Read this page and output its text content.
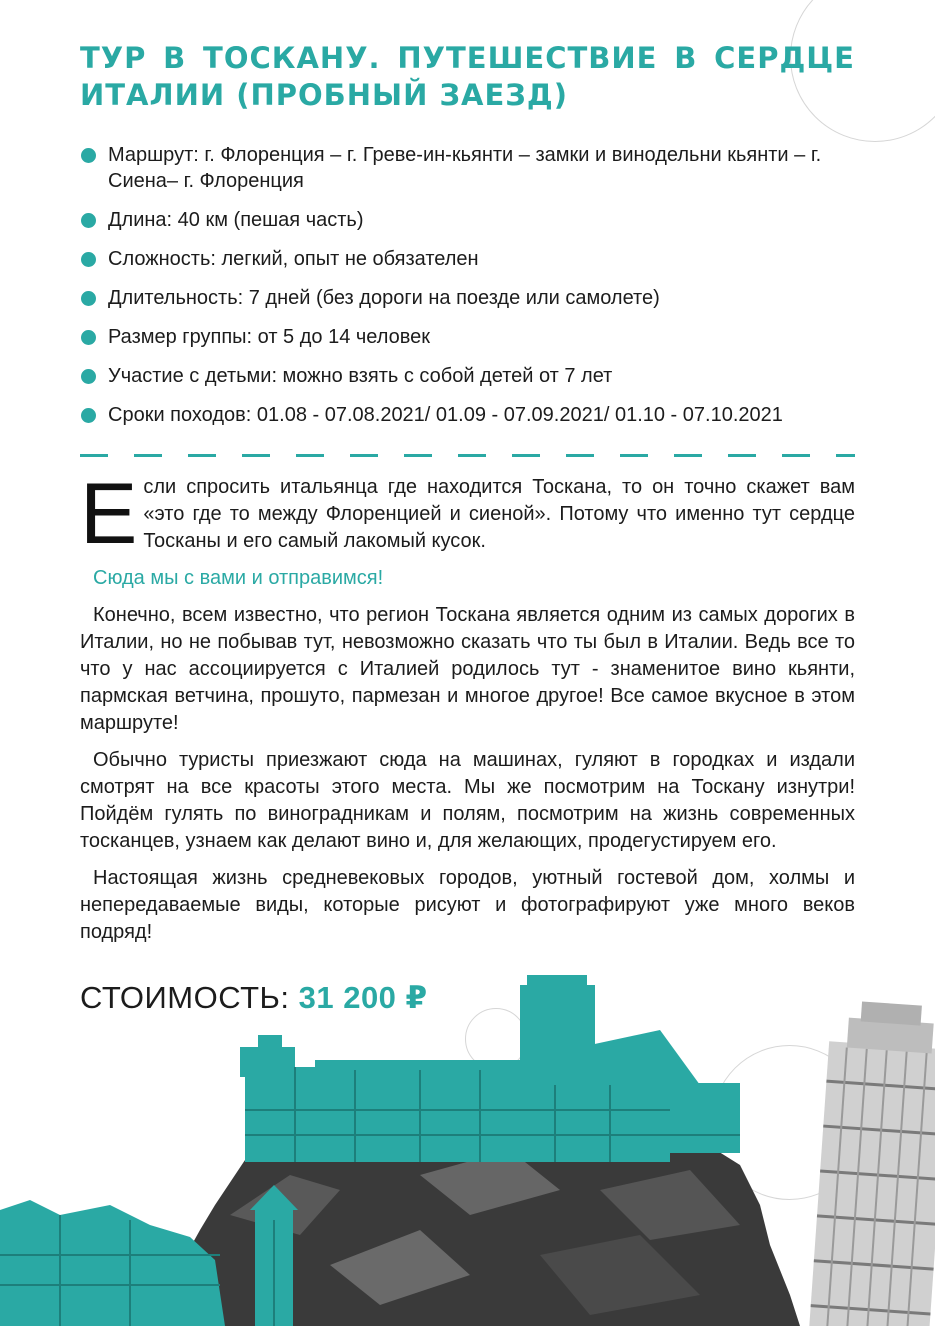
ТУР В ТОСКАНУ. ПУТЕШЕСТВИЕ В СЕРДЦЕ ИТАЛИИ (ПРОБНЫЙ ЗАЕЗД)
Маршрут: г. Флоренция – г. Греве-ин-кьянти – замки и винодельни кьянти – г. Сиена– г. Флоренция
Длина: 40 км (пешая часть)
Сложность: легкий, опыт не обязателен
Длительность: 7 дней (без дороги на поезде или самолете)
Размер группы: от 5 до 14 человек
Участие с детьми: можно взять с собой детей от 7 лет
Сроки походов: 01.08 - 07.08.2021/ 01.09 - 07.09.2021/ 01.10 - 07.10.2021

Если спросить итальянца где находится Тоскана, то он точно скажет вам «это где то между Флоренцией и сиеной». Потому что именно тут сердце Тосканы и его самый лакомый кусок.

Сюда мы с вами и отправимся!

Конечно, всем известно, что регион Тоскана является одним из самых дорогих в Италии, но не побывав тут, невозможно сказать что ты был в Италии. Ведь все то что у нас ассоциируется с Италией родилось тут - знаменитое вино кьянти, пармская ветчина, прошуто, пармезан и многое другое! Все самое вкусное в этом маршруте!

Обычно туристы приезжают сюда на машинах, гуляют в городках и издали смотрят на все красоты этого места. Мы же посмотрим на Тоскану изнутри! Пойдём гулять по виноградникам и полям, посмотрим на жизнь современных тосканцев, узнаем как делают вино и, для желающих, продегустируем его.

Настоящая жизнь средневековых городов, уютный гостевой дом, холмы и непередаваемые виды, которые рисуют и фотографируют уже много веков подряд!

СТОИМОСТЬ: 31 200 ₽
